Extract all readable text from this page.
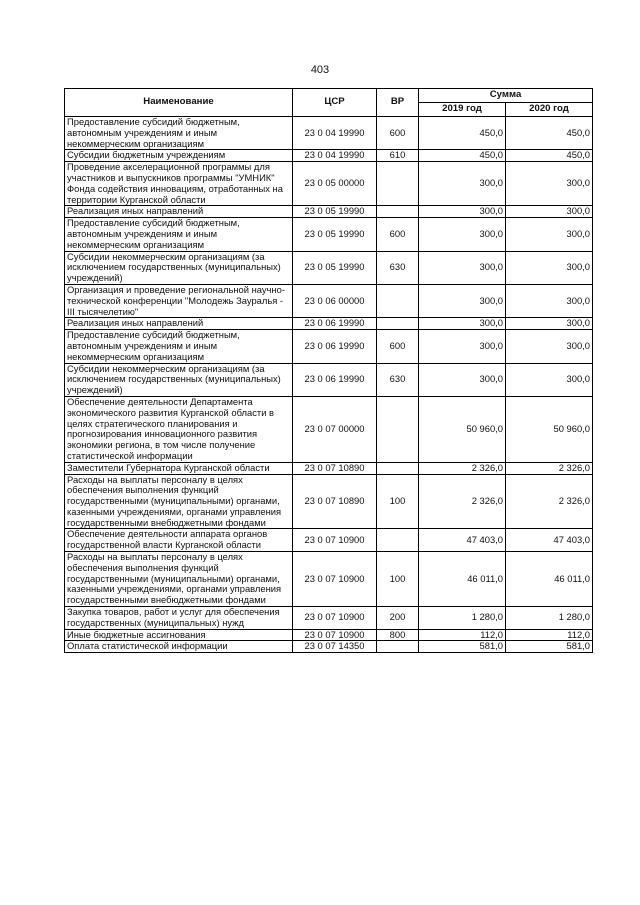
403
Наименование	ЦСР	ВР	Сумма	
			2019 год	2020 год
Предоставление субсидий бюджетным, автономным учреждениям и иным некоммерческим организациям	23 0 04 19990	600	450,0	450,0
Субсидии бюджетным учреждениям	23 0 04 19990	610	450,0	450,0
Проведение акселерационной программы для участников и выпускников программы "УМНИК" Фонда содействия инновациям, отработанных на территории Курганской области	23 0 05 00000		300,0	300,0
Реализация иных направлений	23 0 05 19990		300,0	300,0
Предоставление субсидий бюджетным, автономным учреждениям и иным некоммерческим организациям	23 0 05 19990	600	300,0	300,0
Субсидии некоммерческим организациям (за исключением государственных (муниципальных) учреждений)	23 0 05 19990	630	300,0	300,0
Организация и проведение региональной научно-технической конференции "Молодежь Зауралья - III тысячелетию"	23 0 06 00000		300,0	300,0
Реализация иных направлений	23 0 06 19990		300,0	300,0
Предоставление субсидий бюджетным, автономным учреждениям и иным некоммерческим организациям	23 0 06 19990	600	300,0	300,0
Субсидии некоммерческим организациям (за исключением государственных (муниципальных) учреждений)	23 0 06 19990	630	300,0	300,0
Обеспечение деятельности Департамента экономического развития Курганской области в целях стратегического планирования и прогнозирования инновационного развития экономики региона, в том числе получение статистической информации	23 0 07 00000		50 960,0	50 960,0
Заместители Губернатора Курганской области	23 0 07 10890		2 326,0	2 326,0
Расходы на выплаты персоналу в целях обеспечения выполнения функций государственными (муниципальными) органами, казенными учреждениями, органами управления государственными внебюджетными фондами	23 0 07 10890	100	2 326,0	2 326,0
Обеспечение деятельности аппарата органов государственной власти Курганской области	23 0 07 10900		47 403,0	47 403,0
Расходы на выплаты персоналу в целях обеспечения выполнения функций государственными (муниципальными) органами, казенными учреждениями, органами управления государственными внебюджетными фондами	23 0 07 10900	100	46 011,0	46 011,0
Закупка товаров, работ и услуг для обеспечения государственных (муниципальных) нужд	23 0 07 10900	200	1 280,0	1 280,0
Иные бюджетные ассигнования	23 0 07 10900	800	112,0	112,0
Оплата статистической информации	23 0 07 14350		581,0	581,0
